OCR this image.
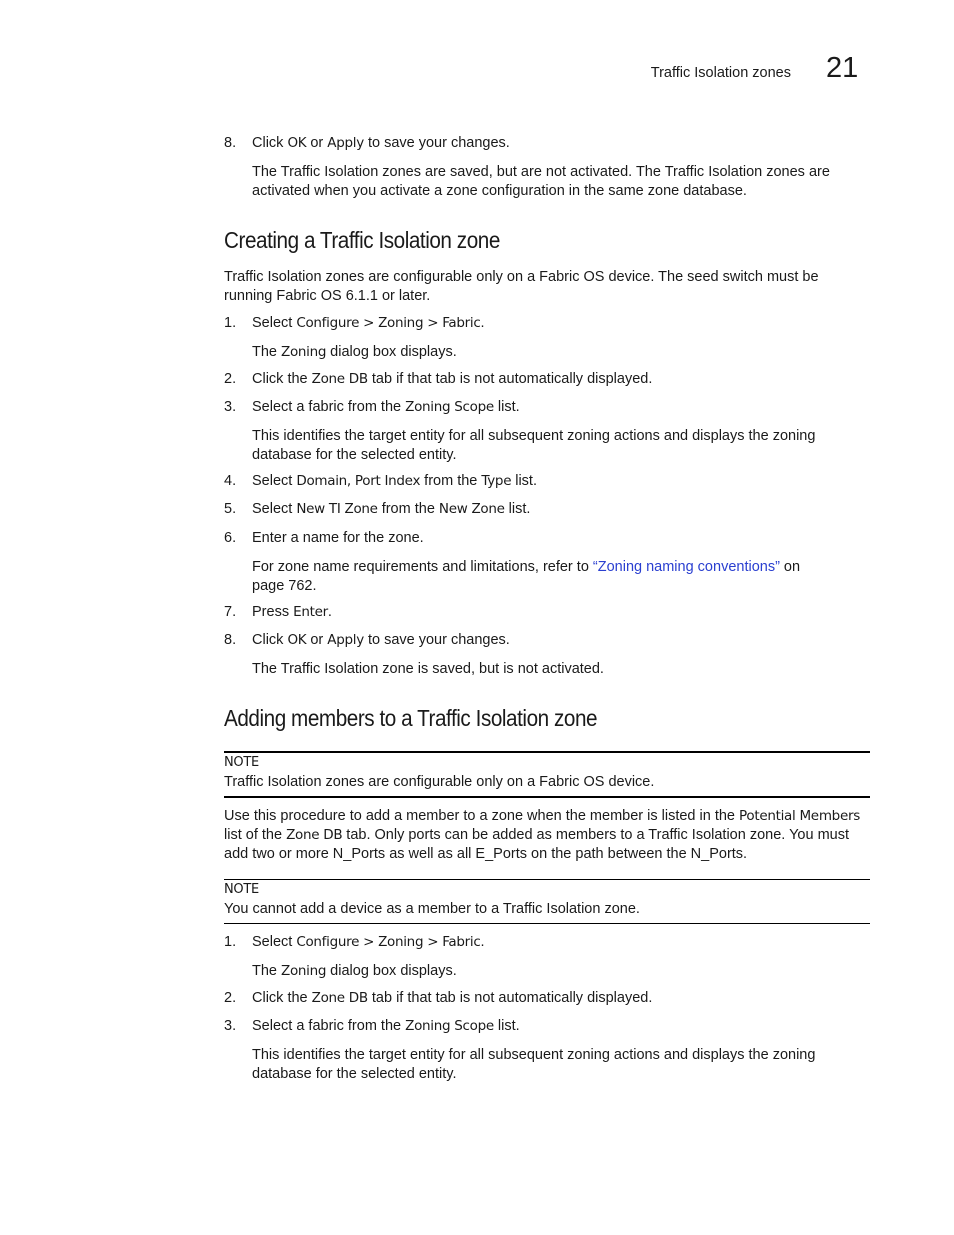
Traffic Isolation zones 21
8. Click OK or Apply to save your changes.
The Traffic Isolation zones are saved, but are not activated. The Traffic Isolation zones are activated when you activate a zone configuration in the same zone database.
Creating a Traffic Isolation zone
Traffic Isolation zones are configurable only on a Fabric OS device. The seed switch must be running Fabric OS 6.1.1 or later.
1. Select Configure > Zoning > Fabric.
The Zoning dialog box displays.
2. Click the Zone DB tab if that tab is not automatically displayed.
3. Select a fabric from the Zoning Scope list.
This identifies the target entity for all subsequent zoning actions and displays the zoning database for the selected entity.
4. Select Domain, Port Index from the Type list.
5. Select New TI Zone from the New Zone list.
6. Enter a name for the zone.
For zone name requirements and limitations, refer to “Zoning naming conventions” on page 762.
7. Press Enter.
8. Click OK or Apply to save your changes.
The Traffic Isolation zone is saved, but is not activated.
Adding members to a Traffic Isolation zone
NOTE
Traffic Isolation zones are configurable only on a Fabric OS device.
Use this procedure to add a member to a zone when the member is listed in the Potential Members list of the Zone DB tab. Only ports can be added as members to a Traffic Isolation zone. You must add two or more N_Ports as well as all E_Ports on the path between the N_Ports.
NOTE
You cannot add a device as a member to a Traffic Isolation zone.
1. Select Configure > Zoning > Fabric.
The Zoning dialog box displays.
2. Click the Zone DB tab if that tab is not automatically displayed.
3. Select a fabric from the Zoning Scope list.
This identifies the target entity for all subsequent zoning actions and displays the zoning database for the selected entity.
